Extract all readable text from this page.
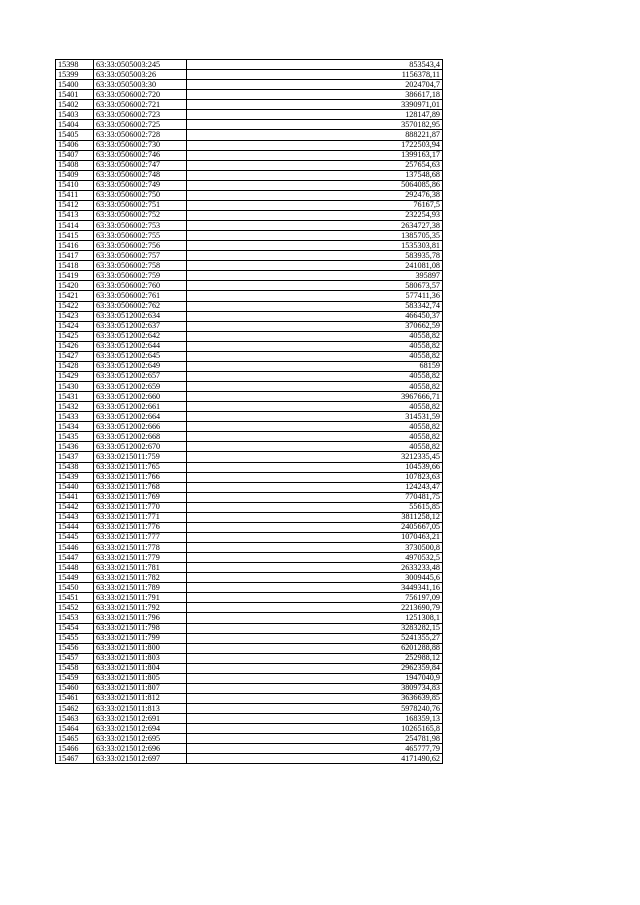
15398	63:33:0505003:245	853543,4
15399	63:33:0505003:26	1156378,11
15400	63:33:0505003:30	2024704,7
15401	63:33:0506002:720	386617,18
15402	63:33:0506002:721	3390971,01
15403	63:33:0506002:723	128147,89
15404	63:33:0506002:725	3570182,95
15405	63:33:0506002:728	888221,87
15406	63:33:0506002:730	1722503,94
15407	63:33:0506002:746	1399163,17
15408	63:33:0506002:747	257654,63
15409	63:33:0506002:748	137548,68
15410	63:33:0506002:749	5064085,86
15411	63:33:0506002:750	292476,38
15412	63:33:0506002:751	76167,5
15413	63:33:0506002:752	232254,93
15414	63:33:0506002:753	2634727,38
15415	63:33:0506002:755	1385705,35
15416	63:33:0506002:756	1535303,81
15417	63:33:0506002:757	583935,78
15418	63:33:0506002:758	241081,08
15419	63:33:0506002:759	395897
15420	63:33:0506002:760	580673,57
15421	63:33:0506002:761	577411,36
15422	63:33:0506002:762	583342,74
15423	63:33:0512002:634	466450,37
15424	63:33:0512002:637	370662,59
15425	63:33:0512002:642	40558,82
15426	63:33:0512002:644	40558,82
15427	63:33:0512002:645	40558,82
15428	63:33:0512002:649	68159
15429	63:33:0512002:657	40558,82
15430	63:33:0512002:659	40558,82
15431	63:33:0512002:660	3967666,71
15432	63:33:0512002:661	40558,82
15433	63:33:0512002:664	314531,59
15434	63:33:0512002:666	40558,82
15435	63:33:0512002:668	40558,82
15436	63:33:0512002:670	40558,82
15437	63:33:0215011:759	3212335,45
15438	63:33:0215011:765	104539,66
15439	63:33:0215011:766	107823,63
15440	63:33:0215011:768	124243,47
15441	63:33:0215011:769	770481,75
15442	63:33:0215011:770	55615,85
15443	63:33:0215011:771	3811258,12
15444	63:33:0215011:776	2405667,05
15445	63:33:0215011:777	1070463,21
15446	63:33:0215011:778	3730500,8
15447	63:33:0215011:779	4970532,5
15448	63:33:0215011:781	2633233,48
15449	63:33:0215011:782	3009445,6
15450	63:33:0215011:789	3449341,16
15451	63:33:0215011:791	756197,09
15452	63:33:0215011:792	2213690,79
15453	63:33:0215011:796	1251308,1
15454	63:33:0215011:798	3283282,15
15455	63:33:0215011:799	5241355,27
15456	63:33:0215011:800	6201288,88
15457	63:33:0215011:803	252988,12
15458	63:33:0215011:804	2962359,84
15459	63:33:0215011:805	1947040,9
15460	63:33:0215011:807	3809734,83
15461	63:33:0215011:812	3636639,85
15462	63:33:0215011:813	5978240,76
15463	63:33:0215012:691	168359,13
15464	63:33:0215012:694	10265165,8
15465	63:33:0215012:695	254781,98
15466	63:33:0215012:696	465777,79
15467	63:33:0215012:697	4171490,62
